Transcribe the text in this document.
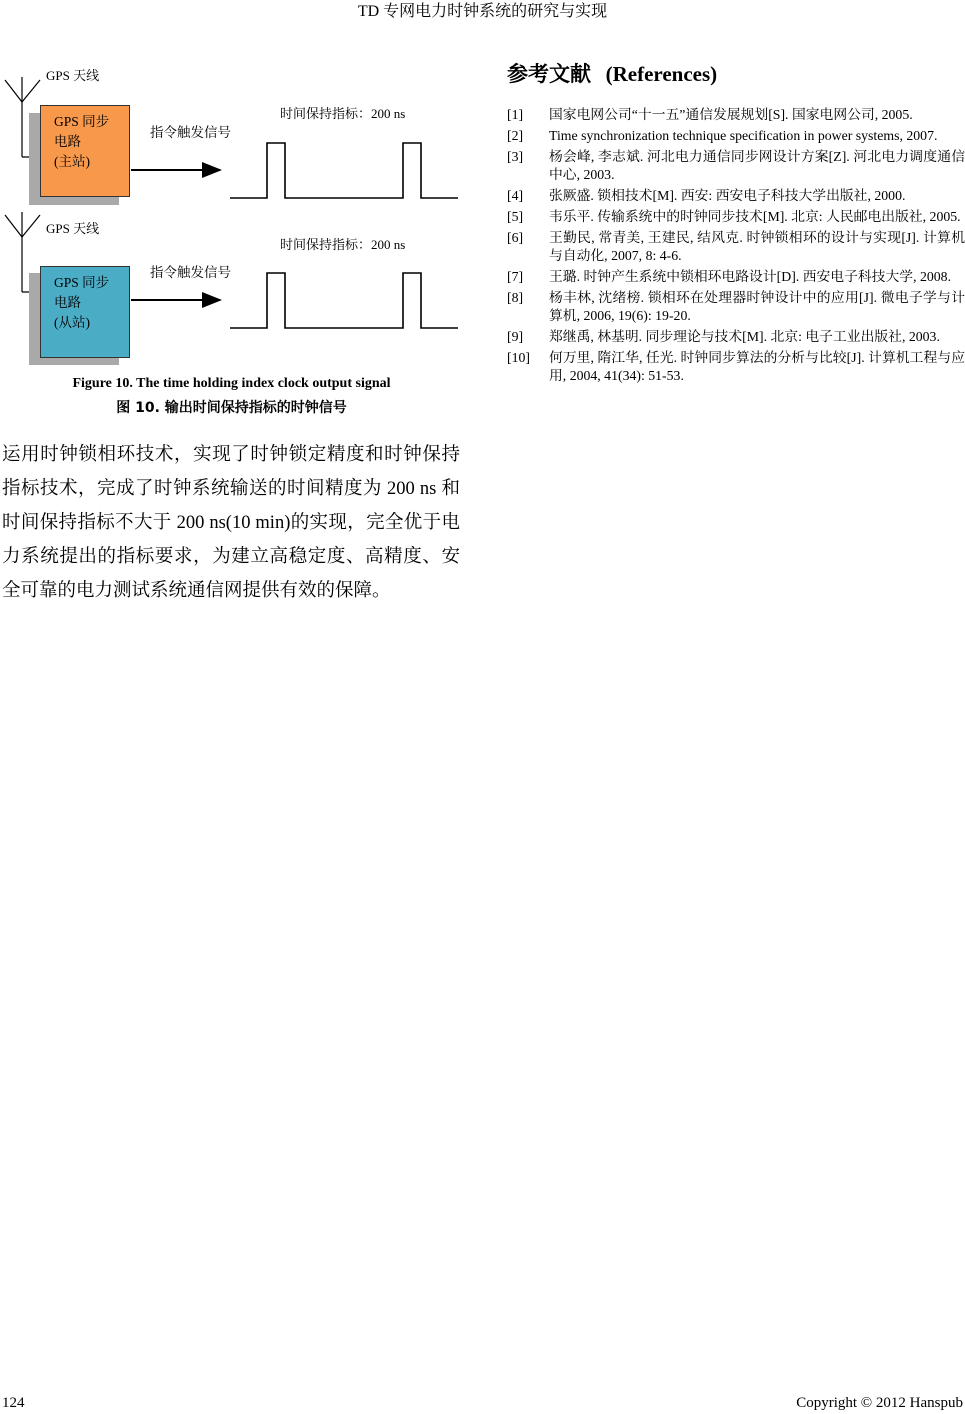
TD 专网电力时钟系统的研究与实现
GPS 天线
GPS 天线
GPS 同步
电路
(主站)
GPS 同步
电路
(从站)
指令触发信号
指令触发信号
时间保持指标：200 ns
时间保持指标：200 ns
Figure 10. The time holding index clock output signal
图 10. 输出时间保持指标的时钟信号
运用时钟锁相环技术，实现了时钟锁定精度和时钟保持指标技术，完成了时钟系统输送的时间精度为 200 ns 和时间保持指标不大于 200 ns(10 min)的实现，完全优于电力系统提出的指标要求，为建立高稳定度、高精度、安全可靠的电力测试系统通信网提供有效的保障。
参考文献 (References)
[1]	国家电网公司“十一五”通信发展规划[S]. 国家电网公司, 2005.
[2]	Time synchronization technique specification in power systems, 2007.
[3]	杨会峰, 李志斌. 河北电力通信同步网设计方案[Z]. 河北电力调度通信中心, 2003.
[4]	张厥盛. 锁相技术[M]. 西安: 西安电子科技大学出版社, 2000.
[5]	韦乐平. 传输系统中的时钟同步技术[M]. 北京: 人民邮电出版社, 2005.
[6]	王勤民, 常青美, 王建民, 结风克. 时钟锁相环的设计与实现[J]. 计算机与自动化, 2007, 8: 4-6.
[7]	王璐. 时钟产生系统中锁相环电路设计[D]. 西安电子科技大学, 2008.
[8]	杨丰林, 沈绪榜. 锁相环在处理器时钟设计中的应用[J]. 微电子学与计算机, 2006, 19(6): 19-20.
[9]	郑继禹, 林基明. 同步理论与技术[M]. 北京: 电子工业出版社, 2003.
[10]	何万里, 隋江华, 任光. 时钟同步算法的分析与比较[J]. 计算机工程与应用, 2004, 41(34): 51-53.
124	Copyright © 2012 Hanspub
